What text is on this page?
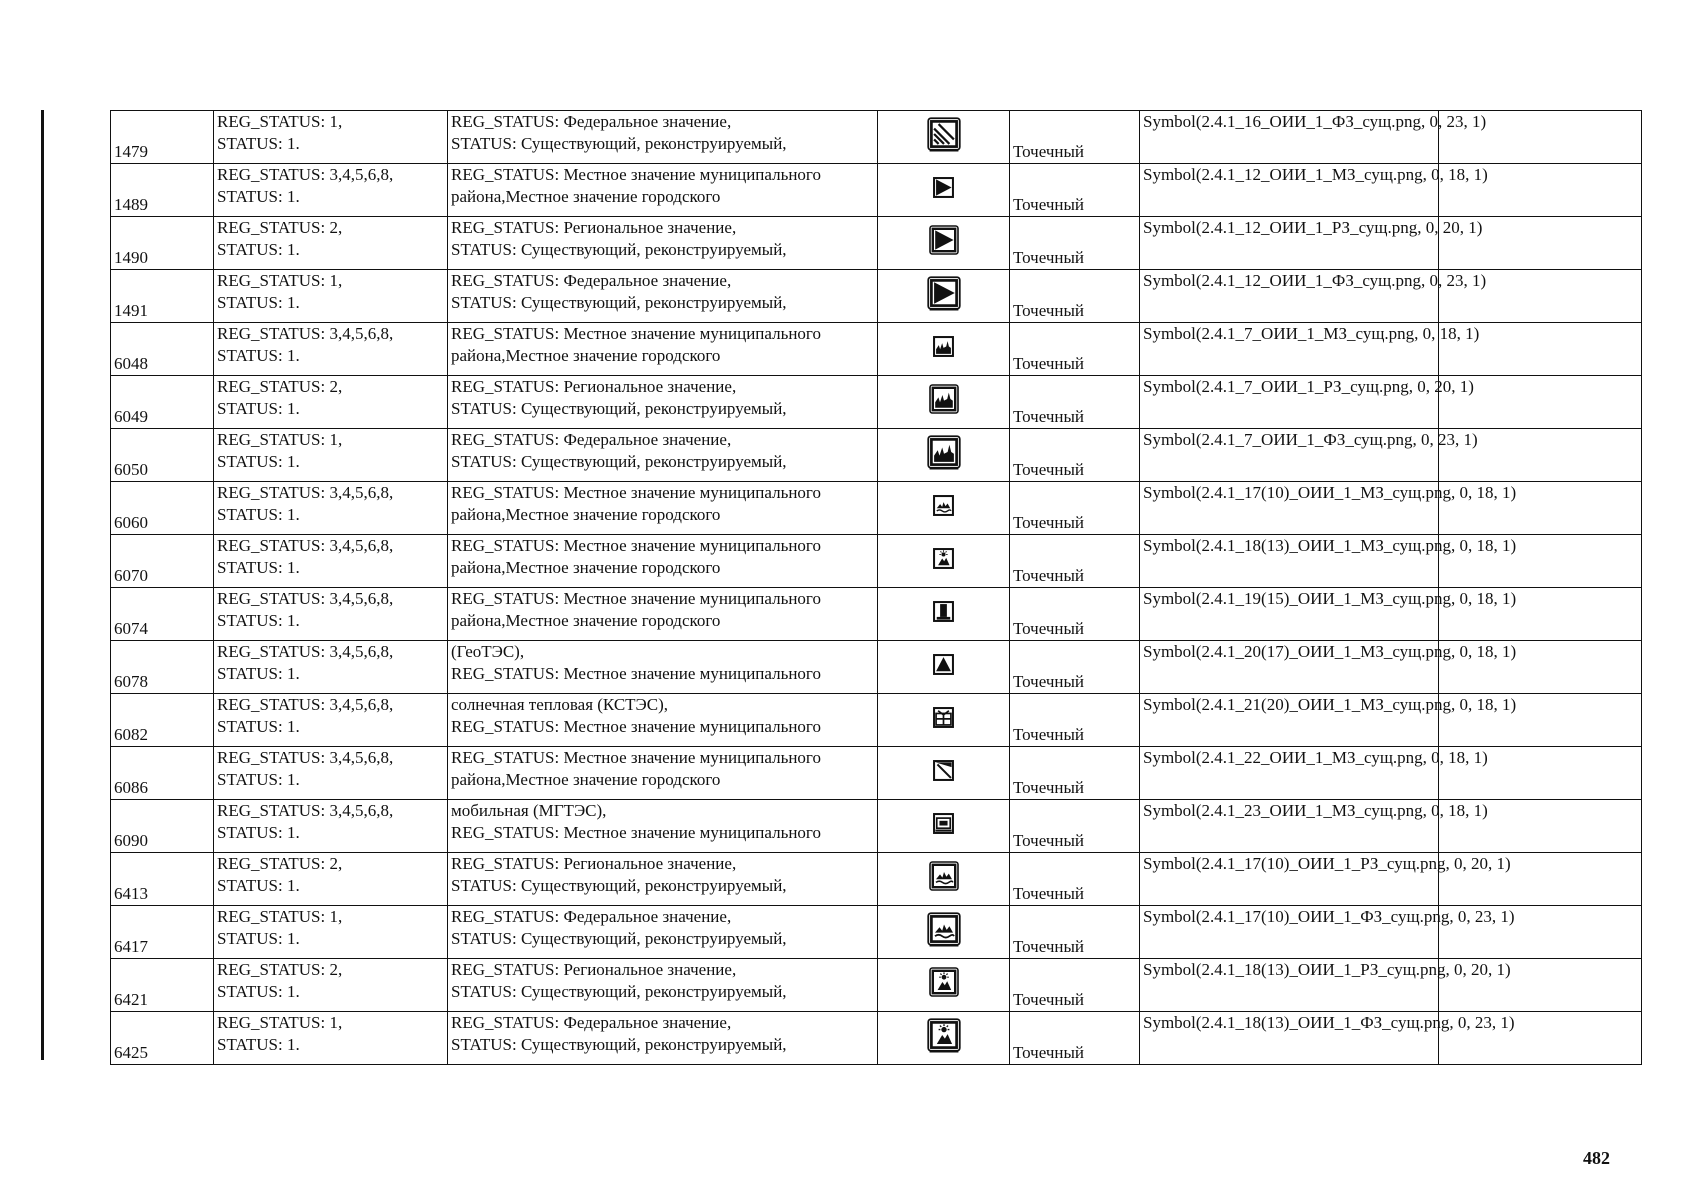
1479	REG_STATUS: 1,
STATUS: 1.	REG_STATUS: Федеральное значение,
STATUS: Существующий, реконструируемый,		Точечный	Symbol(2.4.1_16_ОИИ_1_ФЗ_сущ.png, 0, 23, 1)	
1489	REG_STATUS: 3,4,5,6,8,
STATUS: 1.	REG_STATUS: Местное значение муниципального
района,Местное значение городского		Точечный	Symbol(2.4.1_12_ОИИ_1_МЗ_сущ.png, 0, 18, 1)	
1490	REG_STATUS: 2,
STATUS: 1.	REG_STATUS: Региональное значение,
STATUS: Существующий, реконструируемый,		Точечный	Symbol(2.4.1_12_ОИИ_1_РЗ_сущ.png, 0, 20, 1)	
1491	REG_STATUS: 1,
STATUS: 1.	REG_STATUS: Федеральное значение,
STATUS: Существующий, реконструируемый,		Точечный	Symbol(2.4.1_12_ОИИ_1_ФЗ_сущ.png, 0, 23, 1)	
6048	REG_STATUS: 3,4,5,6,8,
STATUS: 1.	REG_STATUS: Местное значение муниципального
района,Местное значение городского		Точечный	Symbol(2.4.1_7_ОИИ_1_МЗ_сущ.png, 0, 18, 1)	
6049	REG_STATUS: 2,
STATUS: 1.	REG_STATUS: Региональное значение,
STATUS: Существующий, реконструируемый,		Точечный	Symbol(2.4.1_7_ОИИ_1_РЗ_сущ.png, 0, 20, 1)	
6050	REG_STATUS: 1,
STATUS: 1.	REG_STATUS: Федеральное значение,
STATUS: Существующий, реконструируемый,		Точечный	Symbol(2.4.1_7_ОИИ_1_ФЗ_сущ.png, 0, 23, 1)	
6060	REG_STATUS: 3,4,5,6,8,
STATUS: 1.	REG_STATUS: Местное значение муниципального
района,Местное значение городского		Точечный	Symbol(2.4.1_17(10)_ОИИ_1_МЗ_сущ.png, 0, 18, 1)	
6070	REG_STATUS: 3,4,5,6,8,
STATUS: 1.	REG_STATUS: Местное значение муниципального
района,Местное значение городского		Точечный	Symbol(2.4.1_18(13)_ОИИ_1_МЗ_сущ.png, 0, 18, 1)	
6074	REG_STATUS: 3,4,5,6,8,
STATUS: 1.	REG_STATUS: Местное значение муниципального
района,Местное значение городского		Точечный	Symbol(2.4.1_19(15)_ОИИ_1_МЗ_сущ.png, 0, 18, 1)	
6078	REG_STATUS: 3,4,5,6,8,
STATUS: 1.	(ГеоТЭС),
REG_STATUS: Местное значение муниципального		Точечный	Symbol(2.4.1_20(17)_ОИИ_1_МЗ_сущ.png, 0, 18, 1)	
6082	REG_STATUS: 3,4,5,6,8,
STATUS: 1.	солнечная тепловая (КСТЭС),
REG_STATUS: Местное значение муниципального		Точечный	Symbol(2.4.1_21(20)_ОИИ_1_МЗ_сущ.png, 0, 18, 1)	
6086	REG_STATUS: 3,4,5,6,8,
STATUS: 1.	REG_STATUS: Местное значение муниципального
района,Местное значение городского		Точечный	Symbol(2.4.1_22_ОИИ_1_МЗ_сущ.png, 0, 18, 1)	
6090	REG_STATUS: 3,4,5,6,8,
STATUS: 1.	мобильная (МГТЭС),
REG_STATUS: Местное значение муниципального		Точечный	Symbol(2.4.1_23_ОИИ_1_МЗ_сущ.png, 0, 18, 1)	
6413	REG_STATUS: 2,
STATUS: 1.	REG_STATUS: Региональное значение,
STATUS: Существующий, реконструируемый,		Точечный	Symbol(2.4.1_17(10)_ОИИ_1_РЗ_сущ.png, 0, 20, 1)	
6417	REG_STATUS: 1,
STATUS: 1.	REG_STATUS: Федеральное значение,
STATUS: Существующий, реконструируемый,		Точечный	Symbol(2.4.1_17(10)_ОИИ_1_ФЗ_сущ.png, 0, 23, 1)	
6421	REG_STATUS: 2,
STATUS: 1.	REG_STATUS: Региональное значение,
STATUS: Существующий, реконструируемый,		Точечный	Symbol(2.4.1_18(13)_ОИИ_1_РЗ_сущ.png, 0, 20, 1)	
6425	REG_STATUS: 1,
STATUS: 1.	REG_STATUS: Федеральное значение,
STATUS: Существующий, реконструируемый,		Точечный	Symbol(2.4.1_18(13)_ОИИ_1_ФЗ_сущ.png, 0, 23, 1)	
482
